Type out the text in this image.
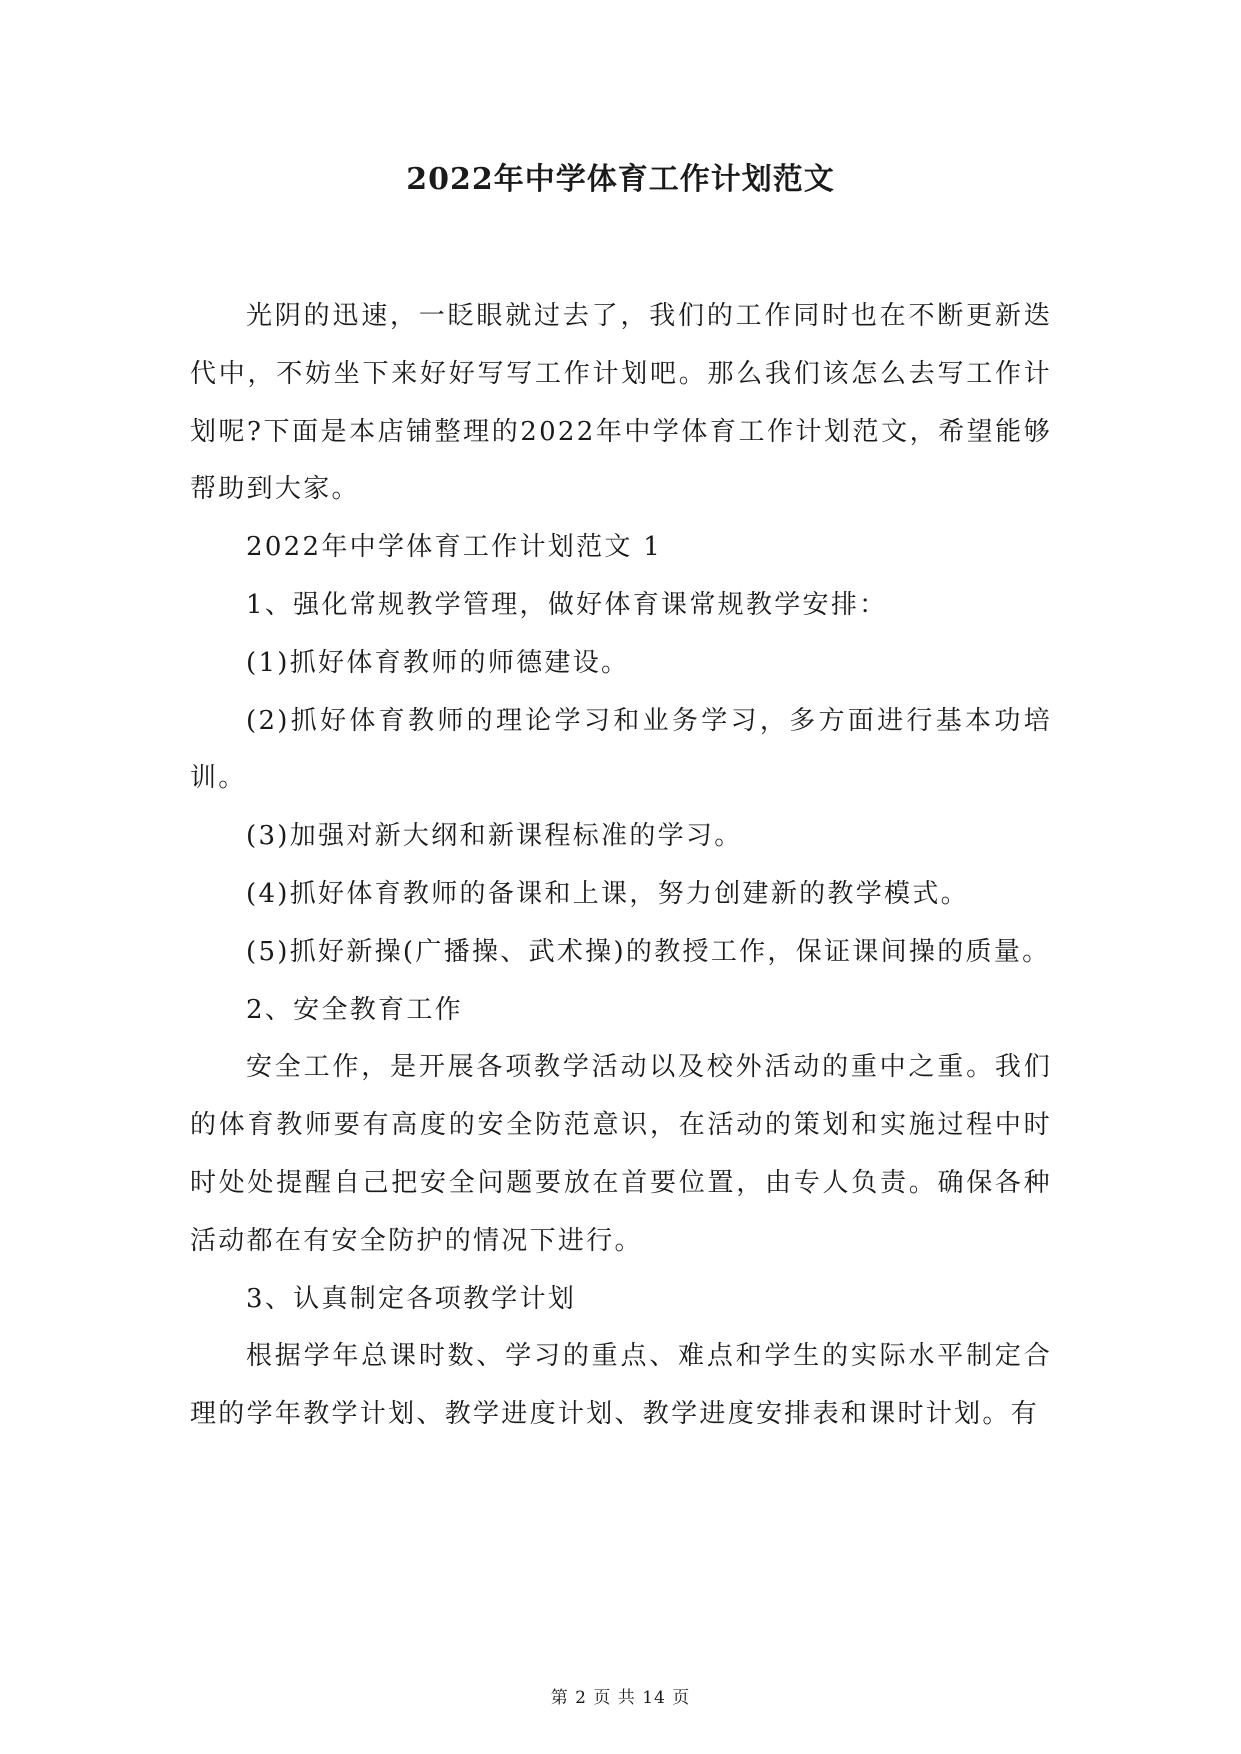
2022年中学体育工作计划范文

光阴的迅速，一眨眼就过去了，我们的工作同时也在不断更新迭代中，不妨坐下来好好写写工作计划吧。那么我们该怎么去写工作计划呢?下面是本店铺整理的2022年中学体育工作计划范文，希望能够帮助到大家。

2022年中学体育工作计划范文 1

1、强化常规教学管理，做好体育课常规教学安排：

(1)抓好体育教师的师德建设。

(2)抓好体育教师的理论学习和业务学习，多方面进行基本功培训。

(3)加强对新大纲和新课程标准的学习。

(4)抓好体育教师的备课和上课，努力创建新的教学模式。

(5)抓好新操(广播操、武术操)的教授工作，保证课间操的质量。

2、安全教育工作

安全工作，是开展各项教学活动以及校外活动的重中之重。我们的体育教师要有高度的安全防范意识，在活动的策划和实施过程中时时处处提醒自己把安全问题要放在首要位置，由专人负责。确保各种活动都在有安全防护的情况下进行。

3、认真制定各项教学计划

根据学年总课时数、学习的重点、难点和学生的实际水平制定合理的学年教学计划、教学进度计划、教学进度安排表和课时计划。有

第 2 页 共 14 页
